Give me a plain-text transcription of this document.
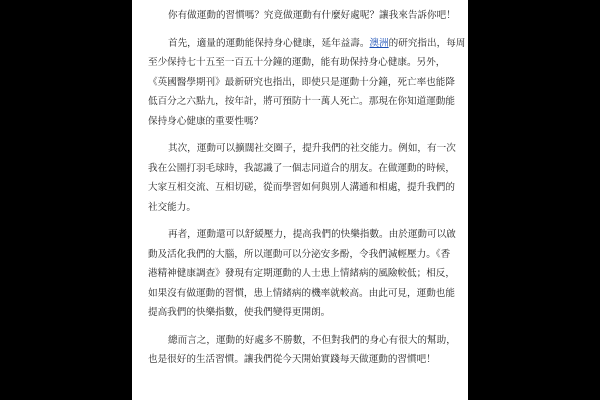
你有做運動的習慣嗎？究竟做運動有什麼好處呢？讓我來告訴你吧！
首先，適量的運動能保持身心健康，延年益壽。澳洲的研究指出，每周
至少保持七十五至一百五十分鐘的運動，能有助保持身心健康。另外，
《英國醫學期刊》最新研究也指出，即使只是運動十分鐘，死亡率也能降
低百分之六點九，按年計，將可預防十一萬人死亡。那現在你知道運動能
保持身心健康的重要性嗎？
其次，運動可以擴闊社交圈子，提升我們的社交能力。例如，有一次
我在公園打羽毛球時，我認識了一個志同道合的朋友。在做運動的時候，
大家互相交流、互相切磋，從而學習如何與別人溝通和相處，提升我們的
社交能力。
再者，運動還可以舒緩壓力，提高我們的快樂指數。由於運動可以啟
動及活化我們的大腦，所以運動可以分泌安多酚，令我們減輕壓力。《香
港精神健康調查》發現有定期運動的人士患上情緒病的風險較低；相反，
如果沒有做運動的習慣，患上情緒病的機率就較高。由此可見，運動也能
提高我們的快樂指數，使我們變得更開朗。
總而言之，運動的好處多不勝數，不但對我們的身心有很大的幫助，
也是很好的生活習慣。讓我們從今天開始實踐每天做運動的習慣吧！
